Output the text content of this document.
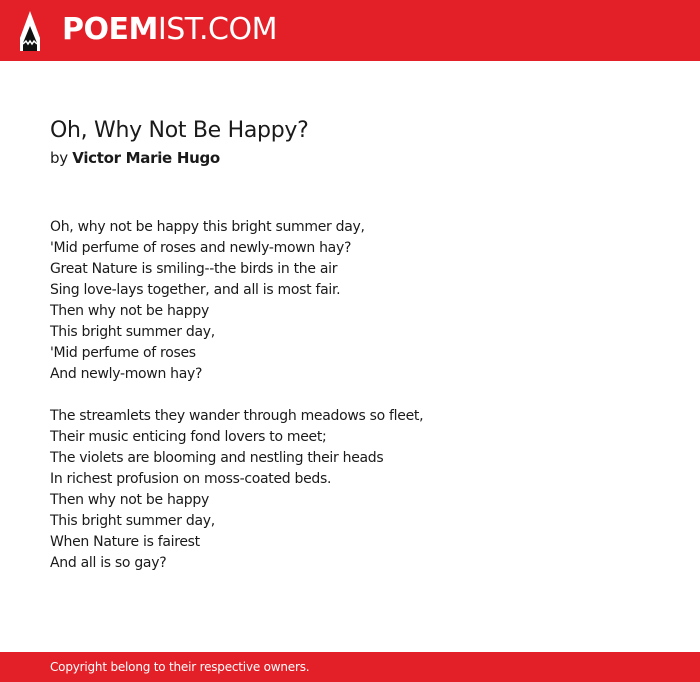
POEMIST.COM
Oh, Why Not Be Happy?
by Victor Marie Hugo
Oh, why not be happy this bright summer day,
'Mid perfume of roses and newly-mown hay?
Great Nature is smiling--the birds in the air
Sing love-lays together, and all is most fair.
Then why not be happy
This bright summer day,
'Mid perfume of roses
And newly-mown hay?
The streamlets they wander through meadows so fleet,
Their music enticing fond lovers to meet;
The violets are blooming and nestling their heads
In richest profusion on moss-coated beds.
Then why not be happy
This bright summer day,
When Nature is fairest
And all is so gay?
Copyright belong to their respective owners.
